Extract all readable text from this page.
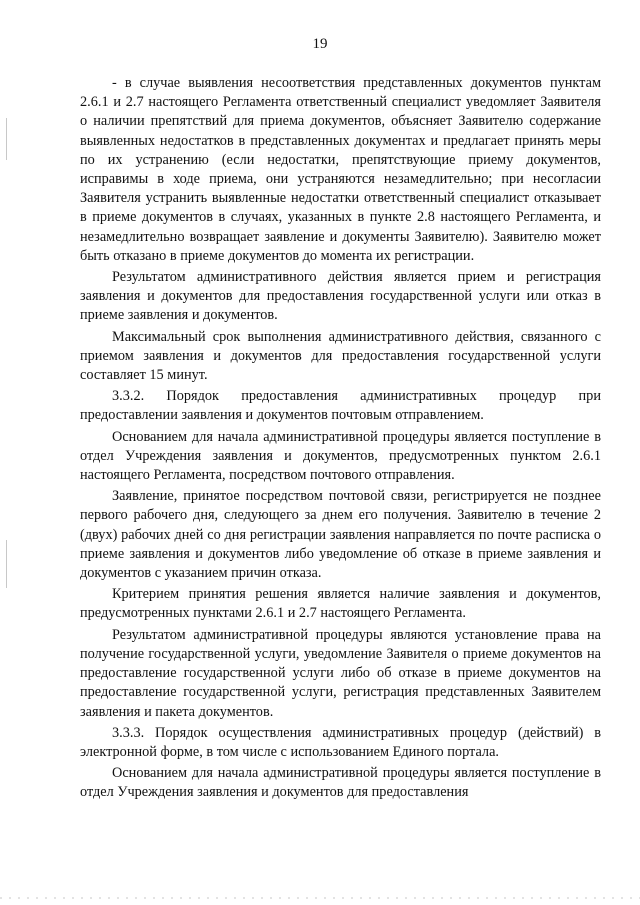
19

- в случае выявления несоответствия представленных документов пунктам 2.6.1 и 2.7 настоящего Регламента ответственный специалист уведомляет Заявителя о наличии препятствий для приема документов, объясняет Заявителю содержание выявленных недостатков в представленных документах и предлагает принять меры по их устранению (если недостатки, препятствующие приему документов, исправимы в ходе приема, они устраняются незамедлительно; при несогласии Заявителя устранить выявленные недостатки ответственный специалист отказывает в приеме документов в случаях, указанных в пункте 2.8 настоящего Регламента, и незамедлительно возвращает заявление и документы Заявителю). Заявителю может быть отказано в приеме документов до момента их регистрации.

Результатом административного действия является прием и регистрация заявления и документов для предоставления государственной услуги или отказ в приеме заявления и документов.

Максимальный срок выполнения административного действия, связанного с приемом заявления и документов для предоставления государственной услуги составляет 15 минут.

3.3.2. Порядок предоставления административных процедур при предоставлении заявления и документов почтовым отправлением.

Основанием для начала административной процедуры является поступление в отдел Учреждения заявления и документов, предусмотренных пунктом 2.6.1 настоящего Регламента, посредством почтового отправления.

Заявление, принятое посредством почтовой связи, регистрируется не позднее первого рабочего дня, следующего за днем его получения. Заявителю в течение 2 (двух) рабочих дней со дня регистрации заявления направляется по почте расписка о приеме заявления и документов либо уведомление об отказе в приеме заявления и документов с указанием причин отказа.

Критерием принятия решения является наличие заявления и документов, предусмотренных пунктами 2.6.1 и 2.7 настоящего Регламента.

Результатом административной процедуры являются установление права на получение государственной услуги, уведомление Заявителя о приеме документов на предоставление государственной услуги либо об отказе в приеме документов на предоставление государственной услуги, регистрация представленных Заявителем заявления и пакета документов.

3.3.3. Порядок осуществления административных процедур (действий) в электронной форме, в том числе с использованием Единого портала.

Основанием для начала административной процедуры является поступление в отдел Учреждения заявления и документов для предоставления
